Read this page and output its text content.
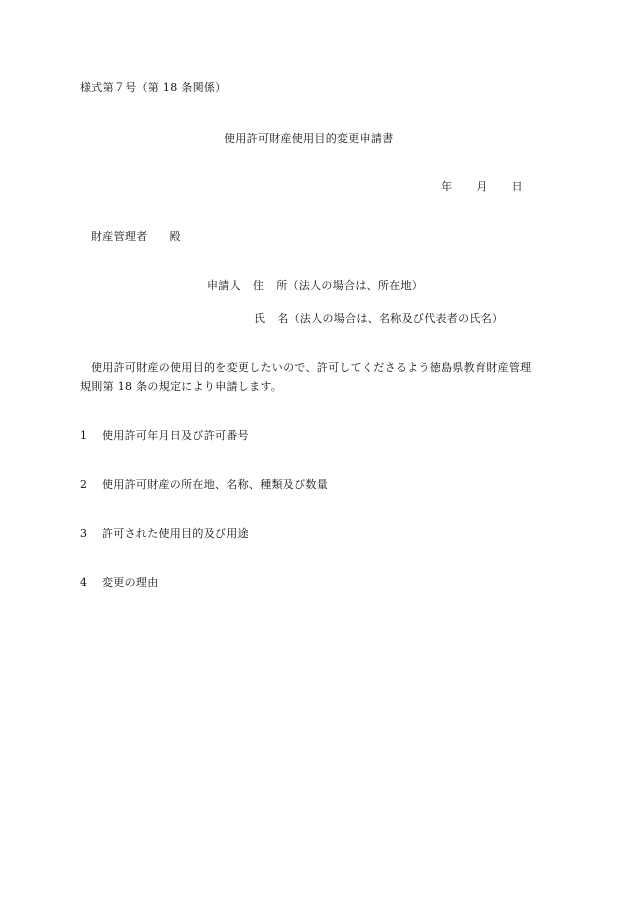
様式第７号（第 18 条関係）
使用許可財産使用目的変更申請書
年 月 日
財産管理者 殿
申請人 住 所（法人の場合は、所在地）
氏 名（法人の場合は、名称及び代表者の氏名）
使用許可財産の使用目的を変更したいので、許可してくださるよう徳島県教育財産管理
規則第 18 条の規定により申請します。
1 使用許可年月日及び許可番号
2 使用許可財産の所在地、名称、種類及び数量
3 許可された使用目的及び用途
4 変更の理由
